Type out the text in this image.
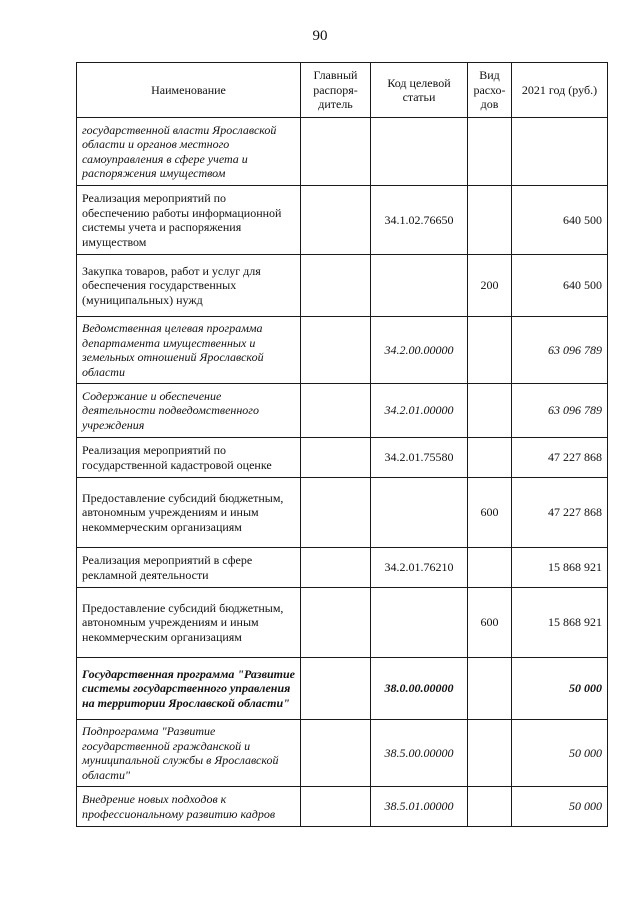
90
Наименование	Главный распоря-дитель	Код целевой статьи	Вид расхо-дов	2021 год (руб.)
государственной власти Ярославской области и органов местного самоуправления в сфере учета и распоряжения имуществом				
Реализация мероприятий по обеспечению работы информационной системы учета и распоряжения имуществом		34.1.02.76650		640 500
Закупка товаров, работ и услуг для обеспечения государственных (муниципальных) нужд			200	640 500
Ведомственная целевая программа департамента имущественных и земельных отношений Ярославской области		34.2.00.00000		63 096 789
Содержание и обеспечение деятельности подведомственного учреждения		34.2.01.00000		63 096 789
Реализация мероприятий по государственной кадастровой оценке		34.2.01.75580		47 227 868
Предоставление субсидий бюджетным, автономным учреждениям и иным некоммерческим организациям			600	47 227 868
Реализация мероприятий в сфере рекламной деятельности		34.2.01.76210		15 868 921
Предоставление субсидий бюджетным, автономным учреждениям и иным некоммерческим организациям			600	15 868 921
Государственная программа "Развитие системы государственного управления на территории Ярославской области"		38.0.00.00000		50 000
Подпрограмма "Развитие государственной гражданской и муниципальной службы в Ярославской области"		38.5.00.00000		50 000
Внедрение новых подходов к профессиональному развитию кадров		38.5.01.00000		50 000
